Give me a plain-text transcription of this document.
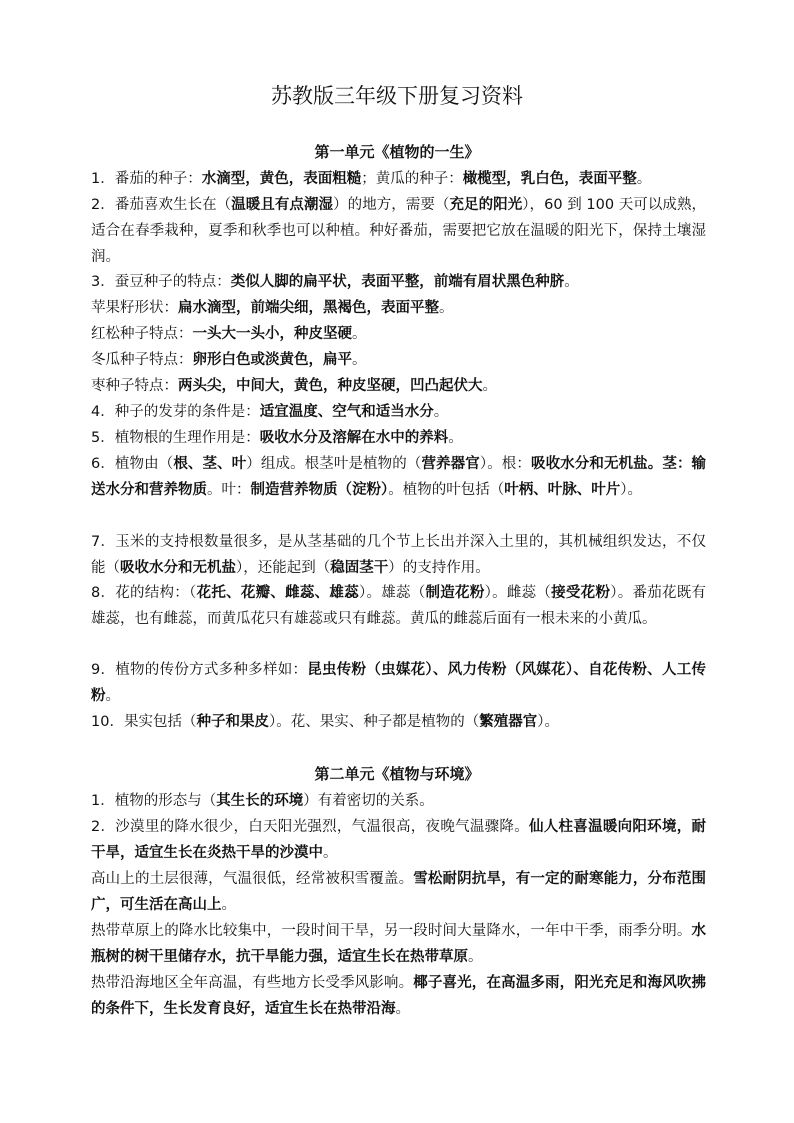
苏教版三年级下册复习资料
第一单元《植物的一生》
1．番茄的种子：水滴型，黄色，表面粗糙；黄瓜的种子：橄榄型，乳白色，表面平整。
2．番茄喜欢生长在（温暖且有点潮湿）的地方，需要（充足的阳光），60 到 100 天可以成熟，适合在春季栽种，夏季和秋季也可以种植。种好番茄，需要把它放在温暖的阳光下，保持土壤湿润。
3．蚕豆种子的特点：类似人脚的扁平状，表面平整，前端有眉状黑色种脐。
苹果籽形状：扁水滴型，前端尖细，黑褐色，表面平整。
红松种子特点：一头大一头小，种皮坚硬。
冬瓜种子特点：卵形白色或淡黄色，扁平。
枣种子特点：两头尖，中间大，黄色，种皮坚硬，凹凸起伏大。
4．种子的发芽的条件是：适宜温度、空气和适当水分。
5．植物根的生理作用是：吸收水分及溶解在水中的养料。
6．植物由（根、茎、叶）组成。根茎叶是植物的（营养器官）。根：吸收水分和无机盐。茎：输送水分和营养物质。叶：制造营养物质（淀粉）。植物的叶包括（叶柄、叶脉、叶片）。
7．玉米的支持根数量很多，是从茎基础的几个节上长出并深入土里的，其机械组织发达，不仅能（吸收水分和无机盐），还能起到（稳固茎干）的支持作用。
8．花的结构：（花托、花瓣、雌蕊、雄蕊）。雄蕊（制造花粉）。雌蕊（接受花粉）。番茄花既有雄蕊，也有雌蕊，而黄瓜花只有雄蕊或只有雌蕊。黄瓜的雌蕊后面有一根未来的小黄瓜。
9．植物的传份方式多种多样如：昆虫传粉（虫媒花）、风力传粉（风媒花）、自花传粉、人工传粉。
10．果实包括（种子和果皮）。花、果实、种子都是植物的（繁殖器官）。
第二单元《植物与环境》
1．植物的形态与（其生长的环境）有着密切的关系。
2．沙漠里的降水很少，白天阳光强烈，气温很高，夜晚气温骤降。仙人柱喜温暖向阳环境，耐干旱，适宜生长在炎热干旱的沙漠中。
高山上的土层很薄，气温很低，经常被积雪覆盖。雪松耐阴抗旱，有一定的耐寒能力，分布范围广，可生活在高山上。
热带草原上的降水比较集中，一段时间干旱，另一段时间大量降水，一年中干季，雨季分明。水瓶树的树干里储存水，抗干旱能力强，适宜生长在热带草原。
热带沿海地区全年高温，有些地方长受季风影响。椰子喜光，在高温多雨，阳光充足和海风吹拂的条件下，生长发育良好，适宜生长在热带沿海。
